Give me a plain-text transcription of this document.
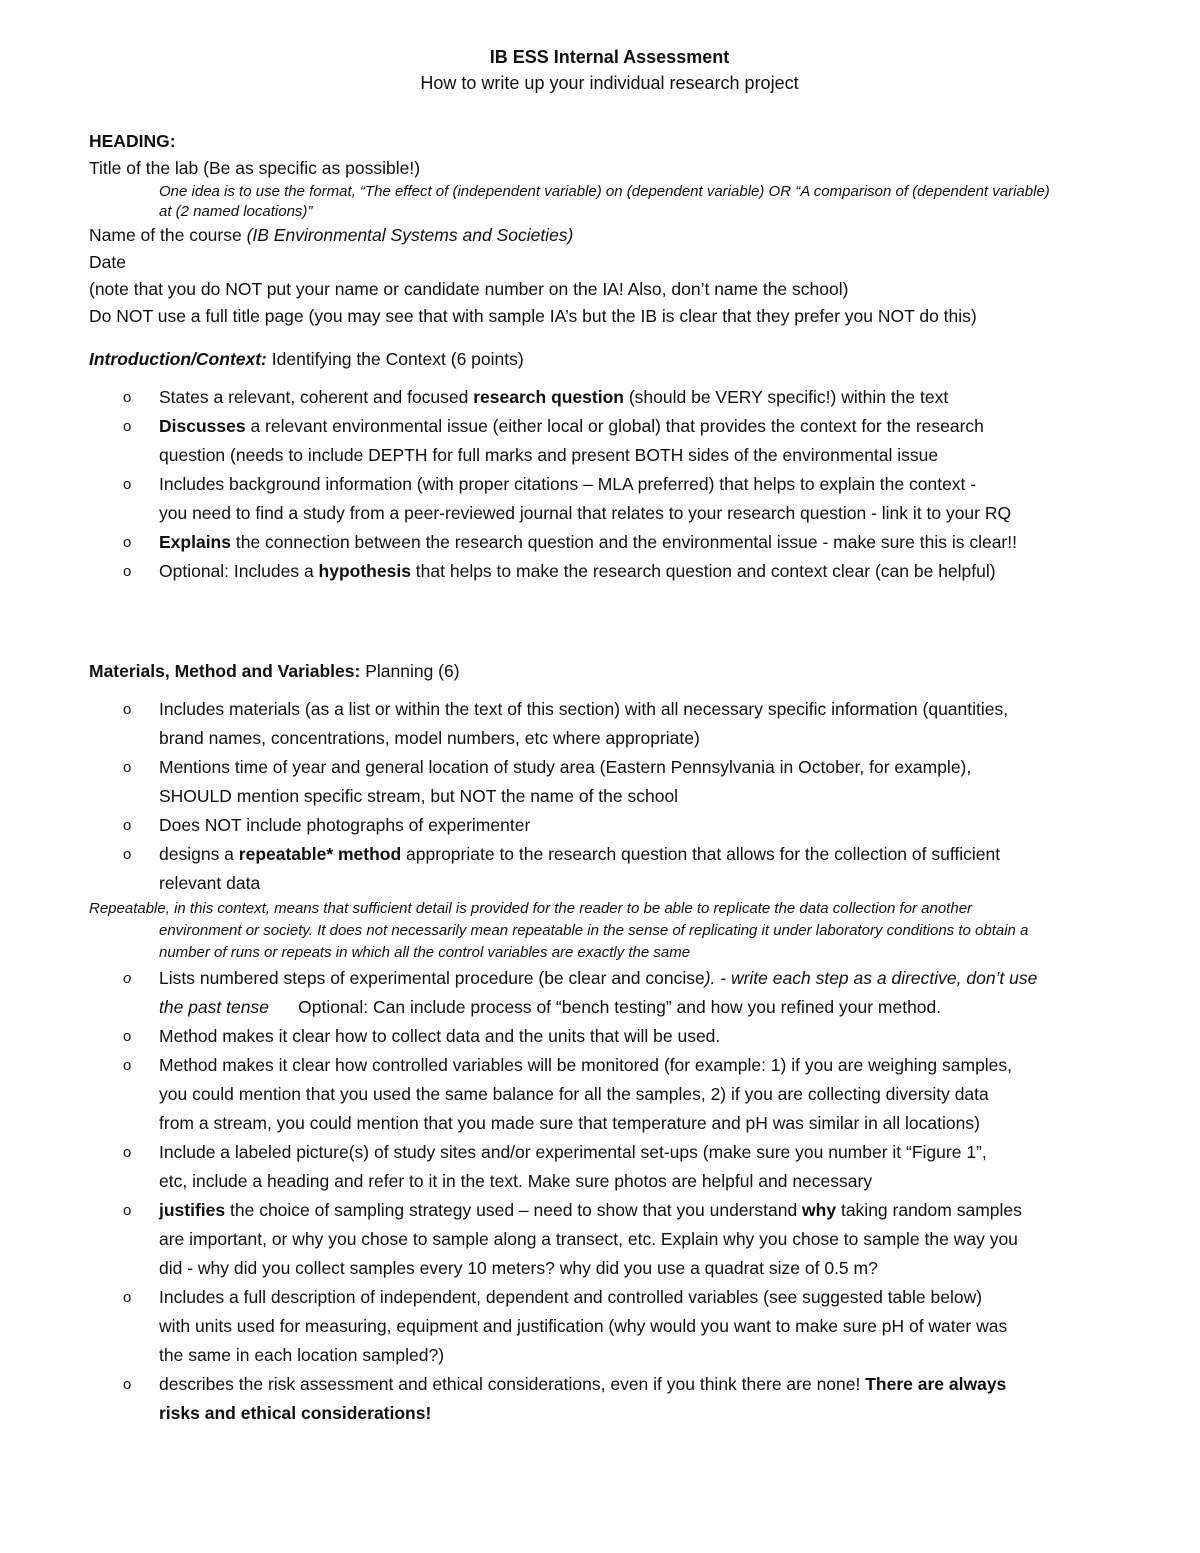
IB ESS Internal Assessment
How to write up your individual research project
HEADING:
Title of the lab (Be as specific as possible!)
One idea is to use the format, “The effect of (independent variable) on (dependent variable) OR “A comparison of (dependent variable)
at (2 named locations)”
Name of the course (IB Environmental Systems and Societies)
Date
(note that you do NOT put your name or candidate number on the IA! Also, don’t name the school)
Do NOT use a full title page (you may see that with sample IA’s but the IB is clear that they prefer you NOT do this)
Introduction/Context: Identifying the Context (6 points)
o States a relevant, coherent and focused research question (should be VERY specific!) within the text
o Discusses a relevant environmental issue (either local or global) that provides the context for the research
question (needs to include DEPTH for full marks and present BOTH sides of the environmental issue
o Includes background information (with proper citations – MLA preferred) that helps to explain the context -
you need to find a study from a peer-reviewed journal that relates to your research question - link it to your RQ
o Explains the connection between the research question and the environmental issue - make sure this is clear!!
o Optional: Includes a hypothesis that helps to make the research question and context clear (can be helpful)
Materials, Method and Variables: Planning (6)
o Includes materials (as a list or within the text of this section) with all necessary specific information (quantities,
brand names, concentrations, model numbers, etc where appropriate)
o Mentions time of year and general location of study area (Eastern Pennsylvania in October, for example),
SHOULD mention specific stream, but NOT the name of the school
o Does NOT include photographs of experimenter
o designs a repeatable* method appropriate to the research question that allows for the collection of sufficient
relevant data
Repeatable, in this context, means that sufficient detail is provided for the reader to be able to replicate the data collection for another
environment or society. It does not necessarily mean repeatable in the sense of replicating it under laboratory conditions to obtain a
number of runs or repeats in which all the control variables are exactly the same
o Lists numbered steps of experimental procedure (be clear and concise). - write each step as a directive, don’t use
the past tense      Optional: Can include process of “bench testing” and how you refined your method.
o Method makes it clear how to collect data and the units that will be used.
o Method makes it clear how controlled variables will be monitored (for example: 1) if you are weighing samples,
you could mention that you used the same balance for all the samples, 2) if you are collecting diversity data
from a stream, you could mention that you made sure that temperature and pH was similar in all locations)
o Include a labeled picture(s) of study sites and/or experimental set-ups (make sure you number it “Figure 1”,
etc, include a heading and refer to it in the text. Make sure photos are helpful and necessary
o justifies the choice of sampling strategy used – need to show that you understand why taking random samples
are important, or why you chose to sample along a transect, etc. Explain why you chose to sample the way you
did - why did you collect samples every 10 meters? why did you use a quadrat size of 0.5 m?
o Includes a full description of independent, dependent and controlled variables (see suggested table below)
with units used for measuring, equipment and justification (why would you want to make sure pH of water was
the same in each location sampled?)
o describes the risk assessment and ethical considerations, even if you think there are none! There are always
risks and ethical considerations!
